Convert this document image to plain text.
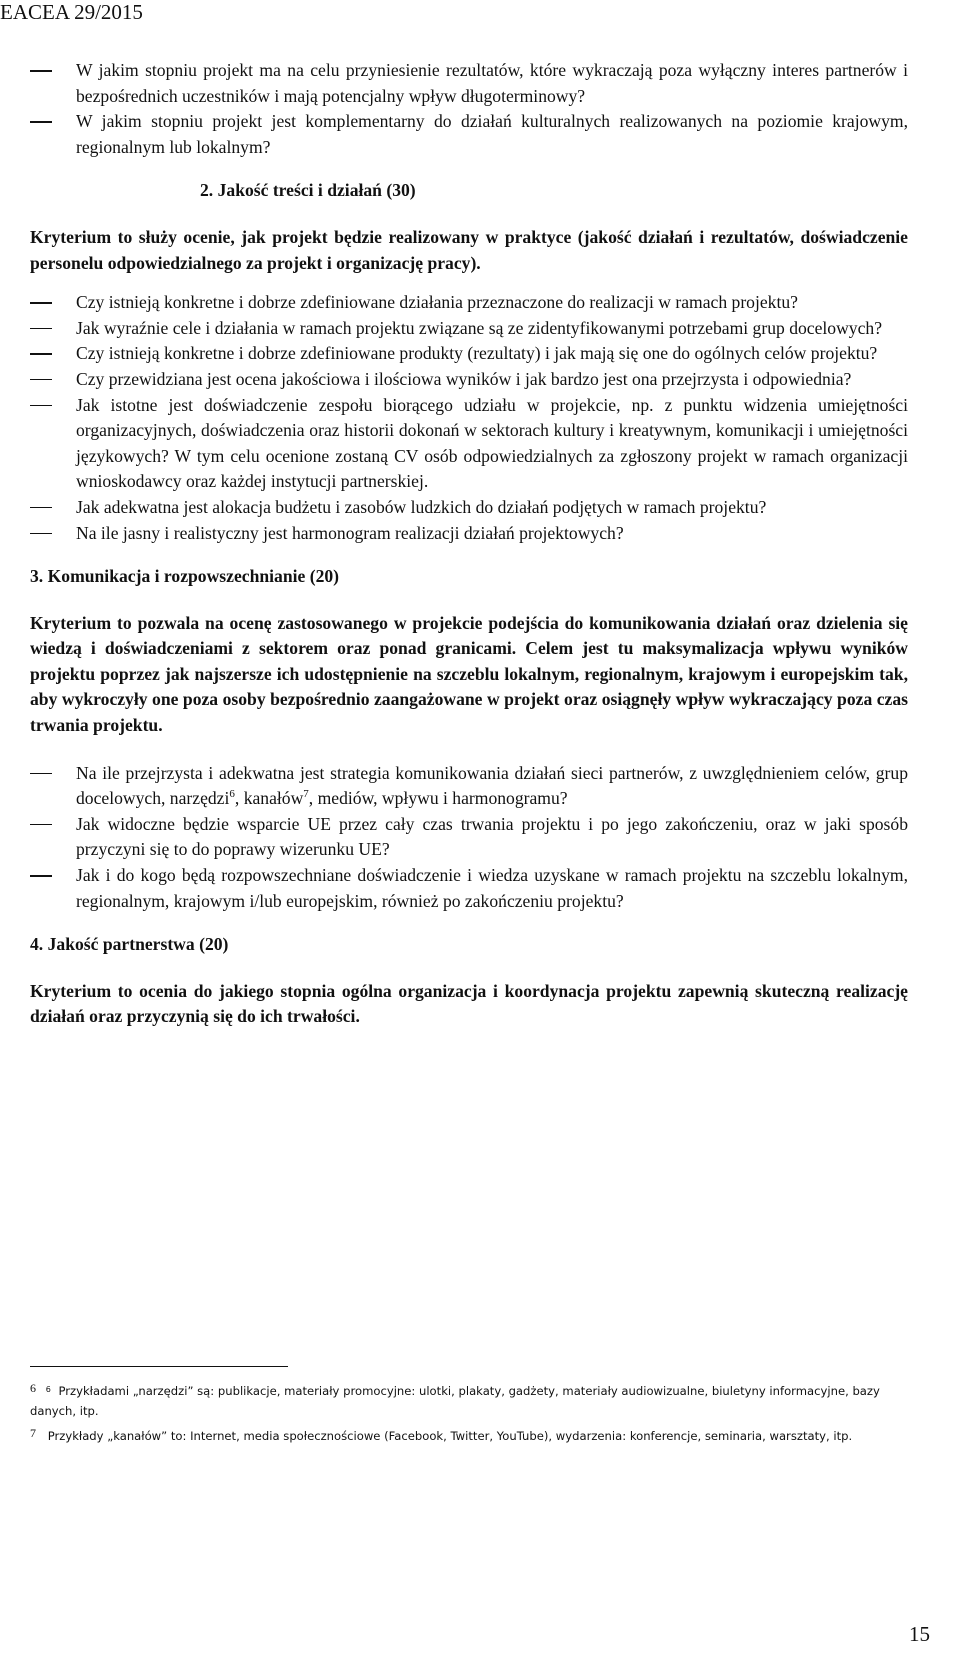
EACEA 29/2015
W jakim stopniu projekt ma na celu przyniesienie rezultatów, które wykraczają poza wyłączny interes partnerów i bezpośrednich uczestników i mają potencjalny wpływ długoterminowy?
W jakim stopniu projekt jest komplementarny do działań kulturalnych realizowanych na poziomie krajowym, regionalnym lub lokalnym?

2. Jakość treści i działań (30)

Kryterium to służy ocenie, jak projekt będzie realizowany w praktyce (jakość działań i rezultatów, doświadczenie personelu odpowiedzialnego za projekt i organizację pracy).

Czy istnieją konkretne i dobrze zdefiniowane działania przeznaczone do realizacji w ramach projektu?
Jak wyraźnie cele i działania w ramach projektu związane są ze zidentyfikowanymi potrzebami grup docelowych?
Czy istnieją konkretne i dobrze zdefiniowane produkty (rezultaty) i jak mają się one do ogólnych celów projektu?
Czy przewidziana jest ocena jakościowa i ilościowa wyników i jak bardzo jest ona przejrzysta i odpowiednia?
Jak istotne jest doświadczenie zespołu biorącego udziału w projekcie, np. z punktu widzenia umiejętności organizacyjnych, doświadczenia oraz historii dokonań w sektorach kultury i kreatywnym, komunikacji i umiejętności językowych? W tym celu ocenione zostaną CV osób odpowiedzialnych za zgłoszony projekt w ramach organizacji wnioskodawcy oraz każdej instytucji partnerskiej.
Jak adekwatna jest alokacja budżetu i zasobów ludzkich do działań podjętych w ramach projektu?
Na ile jasny i realistyczny jest harmonogram realizacji działań projektowych?

3. Komunikacja i rozpowszechnianie (20)

Kryterium to pozwala na ocenę zastosowanego w projekcie podejścia do komunikowania działań oraz dzielenia się wiedzą i doświadczeniami z sektorem oraz ponad granicami. Celem jest tu maksymalizacja wpływu wyników projektu poprzez jak najszersze ich udostępnienie na szczeblu lokalnym, regionalnym, krajowym i europejskim tak, aby wykroczyły one poza osoby bezpośrednio zaangażowane w projekt oraz osiągnęły wpływ wykraczający poza czas trwania projektu.

Na ile przejrzysta i adekwatna jest strategia komunikowania działań sieci partnerów, z uwzględnieniem celów, grup docelowych, narzędzi$^6$, kanałów$^7$, mediów, wpływu i harmonogramu?
Jak widoczne będzie wsparcie UE przez cały czas trwania projektu i po jego zakończeniu, oraz w jaki sposób przyczyni się to do poprawy wizerunku UE?
Jak i do kogo będą rozpowszechniane doświadczenie i wiedza uzyskane w ramach projektu na szczeblu lokalnym, regionalnym, krajowym i/lub europejskim, również po zakończeniu projektu?

4. Jakość partnerstwa (20)

Kryterium to ocenia do jakiego stopnia ogólna organizacja i koordynacja projektu zapewnią skuteczną realizację działań oraz przyczynią się do ich trwałości.

6 $^6$ Przykładami „narzędzi” są: publikacje, materiały promocyjne: ulotki, plakaty, gadżety, materiały audiowizualne, biuletyny informacyjne, bazy danych, itp.
7 Przykłady „kanałów” to: Internet, media społecznościowe (Facebook, Twitter, YouTube), wydarzenia: konferencje, seminaria, warsztaty, itp.
15
